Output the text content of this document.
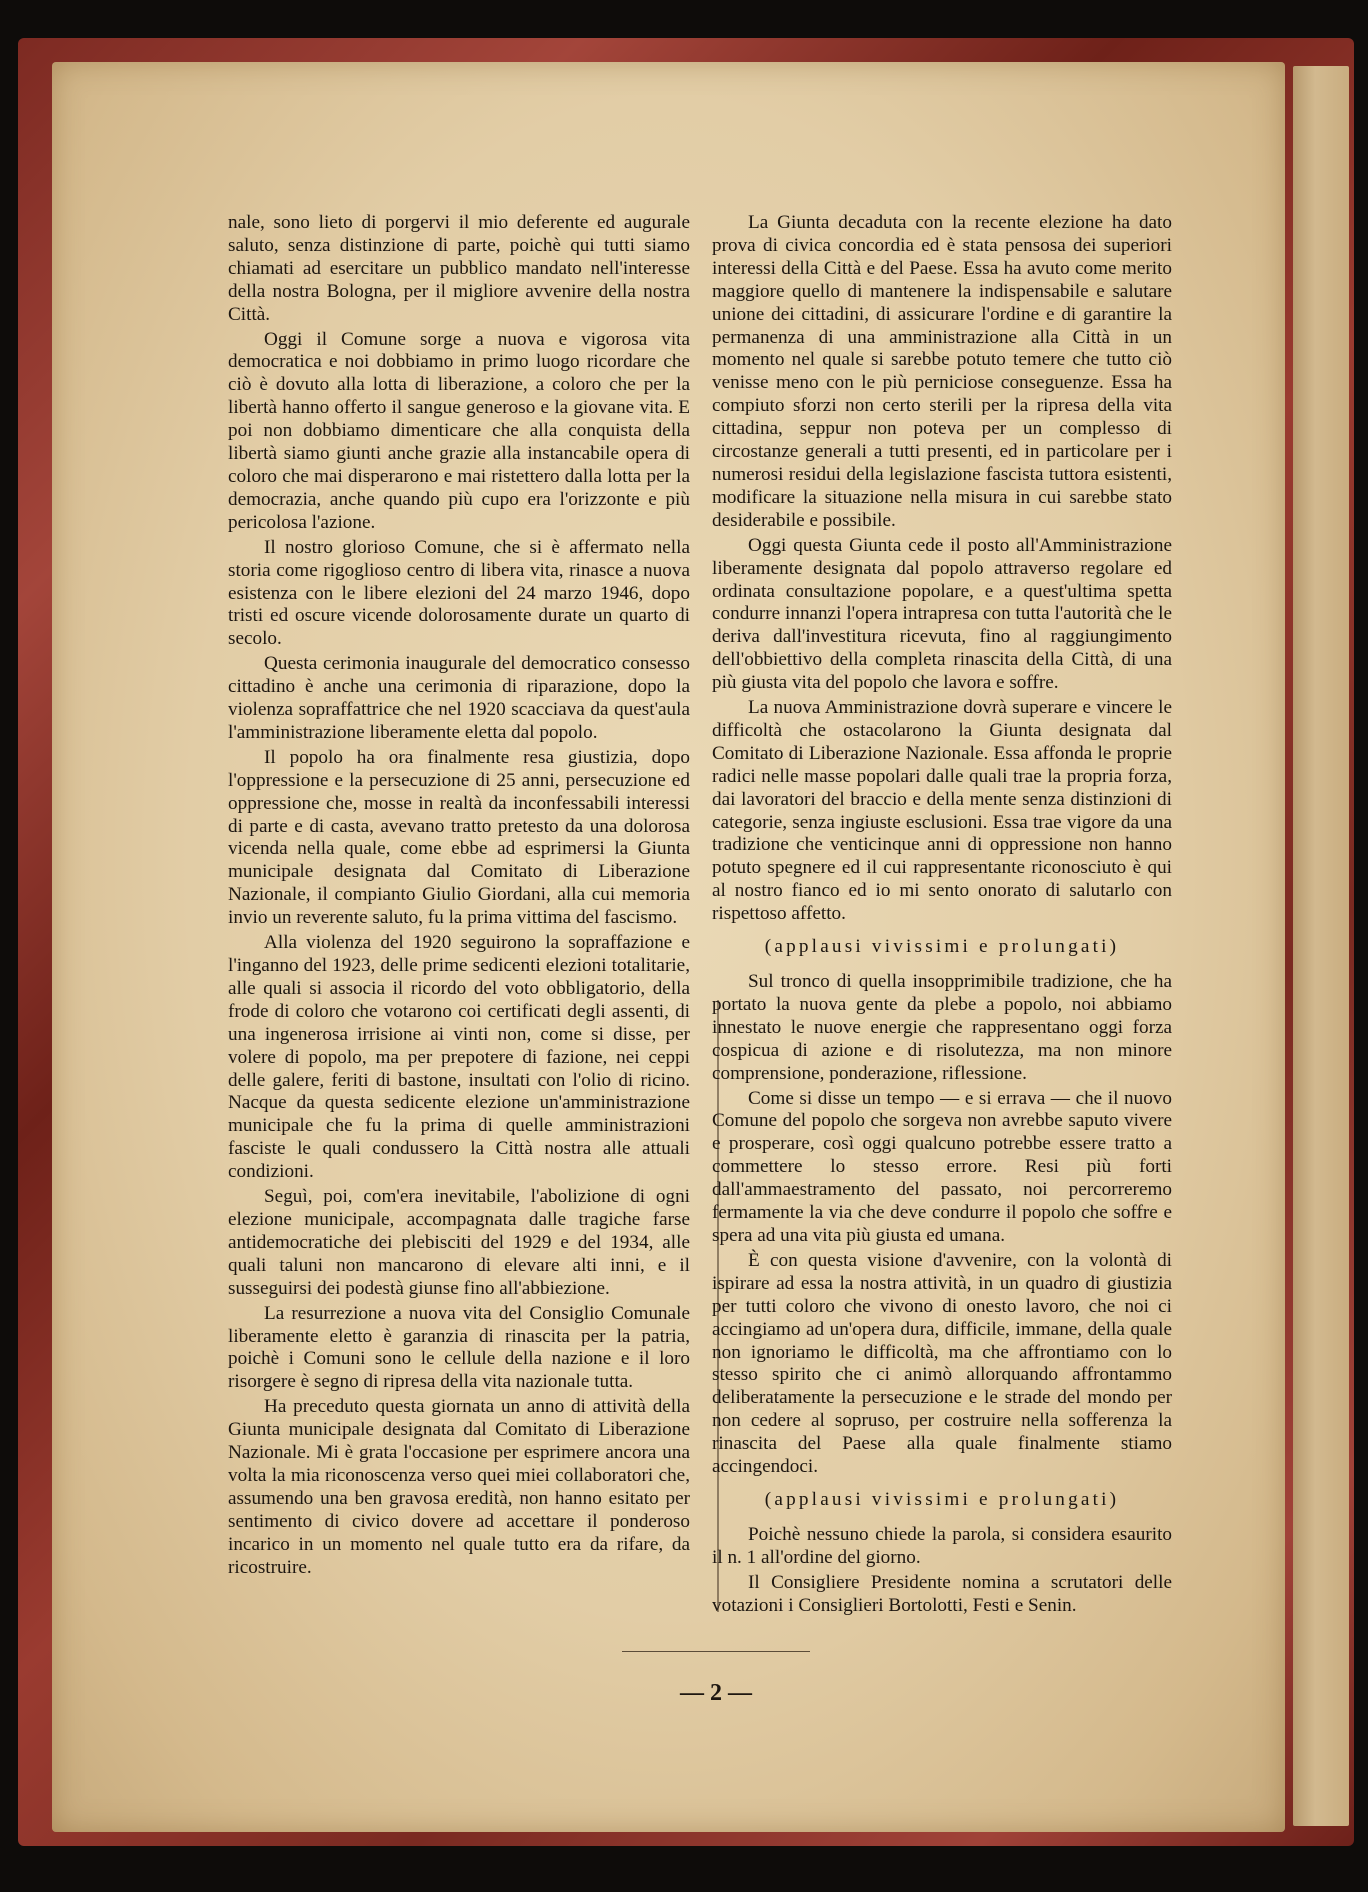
nale, sono lieto di porgervi il mio deferente ed augurale saluto, senza distinzione di parte, poichè qui tutti siamo chiamati ad esercitare un pubblico mandato nell'interesse della nostra Bologna, per il migliore avvenire della nostra Città.

Oggi il Comune sorge a nuova e vigorosa vita democratica e noi dobbiamo in primo luogo ricordare che ciò è dovuto alla lotta di liberazione, a coloro che per la libertà hanno offerto il sangue generoso e la giovane vita. E poi non dobbiamo dimenticare che alla conquista della libertà siamo giunti anche grazie alla instancabile opera di coloro che mai disperarono e mai ristettero dalla lotta per la democrazia, anche quando più cupo era l'orizzonte e più pericolosa l'azione.

Il nostro glorioso Comune, che si è affermato nella storia come rigoglioso centro di libera vita, rinasce a nuova esistenza con le libere elezioni del 24 marzo 1946, dopo tristi ed oscure vicende dolorosamente durate un quarto di secolo.

Questa cerimonia inaugurale del democratico consesso cittadino è anche una cerimonia di riparazione, dopo la violenza sopraffattrice che nel 1920 scacciava da quest'aula l'amministrazione liberamente eletta dal popolo.

Il popolo ha ora finalmente resa giustizia, dopo l'oppressione e la persecuzione di 25 anni, persecuzione ed oppressione che, mosse in realtà da inconfessabili interessi di parte e di casta, avevano tratto pretesto da una dolorosa vicenda nella quale, come ebbe ad esprimersi la Giunta municipale designata dal Comitato di Liberazione Nazionale, il compianto Giulio Giordani, alla cui memoria invio un reverente saluto, fu la prima vittima del fascismo.

Alla violenza del 1920 seguirono la sopraffazione e l'inganno del 1923, delle prime sedicenti elezioni totalitarie, alle quali si associa il ricordo del voto obbligatorio, della frode di coloro che votarono coi certificati degli assenti, di una ingenerosa irrisione ai vinti non, come si disse, per volere di popolo, ma per prepotere di fazione, nei ceppi delle galere, feriti di bastone, insultati con l'olio di ricino. Nacque da questa sedicente elezione un'amministrazione municipale che fu la prima di quelle amministrazioni fasciste le quali condussero la Città nostra alle attuali condizioni.

Seguì, poi, com'era inevitabile, l'abolizione di ogni elezione municipale, accompagnata dalle tragiche farse antidemocratiche dei plebisciti del 1929 e del 1934, alle quali taluni non mancarono di elevare alti inni, e il susseguirsi dei podestà giunse fino all'abbiezione.

La resurrezione a nuova vita del Consiglio Comunale liberamente eletto è garanzia di rinascita per la patria, poichè i Comuni sono le cellule della nazione e il loro risorgere è segno di ripresa della vita nazionale tutta.

Ha preceduto questa giornata un anno di attività della Giunta municipale designata dal Comitato di Liberazione Nazionale. Mi è grata l'occasione per esprimere ancora una volta la mia riconoscenza verso quei miei collaboratori che, assumendo una ben gravosa eredità, non hanno esitato per sentimento di civico dovere ad accettare il ponderoso incarico in un momento nel quale tutto era da rifare, da ricostruire.

La Giunta decaduta con la recente elezione ha dato prova di civica concordia ed è stata pensosa dei superiori interessi della Città e del Paese. Essa ha avuto come merito maggiore quello di mantenere la indispensabile e salutare unione dei cittadini, di assicurare l'ordine e di garantire la permanenza di una amministrazione alla Città in un momento nel quale si sarebbe potuto temere che tutto ciò venisse meno con le più perniciose conseguenze. Essa ha compiuto sforzi non certo sterili per la ripresa della vita cittadina, seppur non poteva per un complesso di circostanze generali a tutti presenti, ed in particolare per i numerosi residui della legislazione fascista tuttora esistenti, modificare la situazione nella misura in cui sarebbe stato desiderabile e possibile.

Oggi questa Giunta cede il posto all'Amministrazione liberamente designata dal popolo attraverso regolare ed ordinata consultazione popolare, e a quest'ultima spetta condurre innanzi l'opera intrapresa con tutta l'autorità che le deriva dall'investitura ricevuta, fino al raggiungimento dell'obbiettivo della completa rinascita della Città, di una più giusta vita del popolo che lavora e soffre.

La nuova Amministrazione dovrà superare e vincere le difficoltà che ostacolarono la Giunta designata dal Comitato di Liberazione Nazionale. Essa affonda le proprie radici nelle masse popolari dalle quali trae la propria forza, dai lavoratori del braccio e della mente senza distinzioni di categorie, senza ingiuste esclusioni. Essa trae vigore da una tradizione che venticinque anni di oppressione non hanno potuto spegnere ed il cui rappresentante riconosciuto è qui al nostro fianco ed io mi sento onorato di salutarlo con rispettoso affetto.

(applausi vivissimi e prolungati)

Sul tronco di quella insopprimibile tradizione, che ha portato la nuova gente da plebe a popolo, noi abbiamo innestato le nuove energie che rappresentano oggi forza cospicua di azione e di risolutezza, ma non minore comprensione, ponderazione, riflessione.

Come si disse un tempo — e si errava — che il nuovo Comune del popolo che sorgeva non avrebbe saputo vivere e prosperare, così oggi qualcuno potrebbe essere tratto a commettere lo stesso errore. Resi più forti dall'ammaestramento del passato, noi percorreremo fermamente la via che deve condurre il popolo che soffre e spera ad una vita più giusta ed umana.

È con questa visione d'avvenire, con la volontà di ispirare ad essa la nostra attività, in un quadro di giustizia per tutti coloro che vivono di onesto lavoro, che noi ci accingiamo ad un'opera dura, difficile, immane, della quale non ignoriamo le difficoltà, ma che affrontiamo con lo stesso spirito che ci animò allorquando affrontammo deliberatamente la persecuzione e le strade del mondo per non cedere al sopruso, per costruire nella sofferenza la rinascita del Paese alla quale finalmente stiamo accingendoci.

(applausi vivissimi e prolungati)

Poichè nessuno chiede la parola, si considera esaurito il n. 1 all'ordine del giorno.

Il Consigliere Presidente nomina a scrutatori delle votazioni i Consiglieri Bortolotti, Festi e Senin.

— 2 —
